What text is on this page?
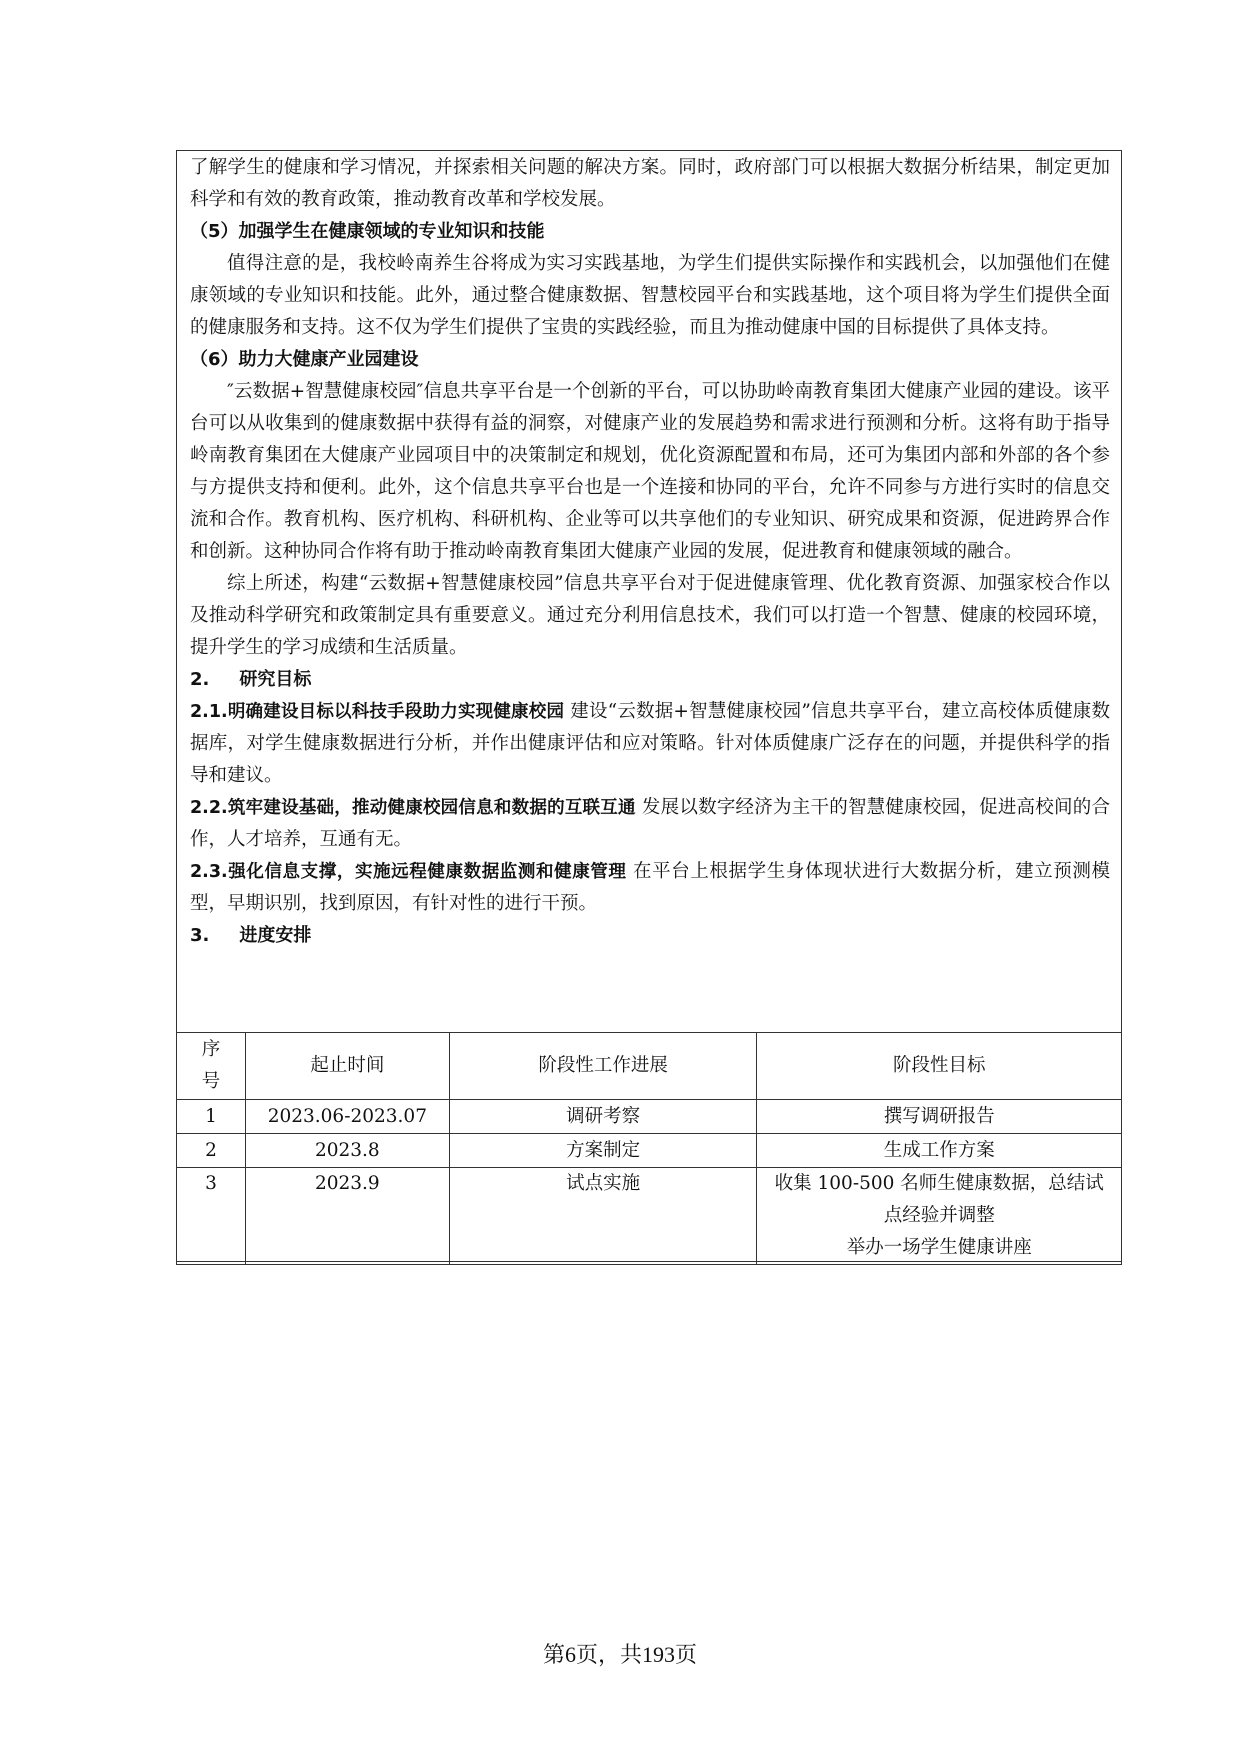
了解学生的健康和学习情况，并探索相关问题的解决方案。同时，政府部门可以根据大数据分析结果，制定更加科学和有效的教育政策，推动教育改革和学校发展。

（5）加强学生在健康领域的专业知识和技能

值得注意的是，我校岭南养生谷将成为实习实践基地，为学生们提供实际操作和实践机会，以加强他们在健康领域的专业知识和技能。此外，通过整合健康数据、智慧校园平台和实践基地，这个项目将为学生们提供全面的健康服务和支持。这不仅为学生们提供了宝贵的实践经验，而且为推动健康中国的目标提供了具体支持。

（6）助力大健康产业园建设

″云数据+智慧健康校园″信息共享平台是一个创新的平台，可以协助岭南教育集团大健康产业园的建设。该平台可以从收集到的健康数据中获得有益的洞察，对健康产业的发展趋势和需求进行预测和分析。这将有助于指导岭南教育集团在大健康产业园项目中的决策制定和规划，优化资源配置和布局，还可为集团内部和外部的各个参与方提供支持和便利。此外，这个信息共享平台也是一个连接和协同的平台，允许不同参与方进行实时的信息交流和合作。教育机构、医疗机构、科研机构、企业等可以共享他们的专业知识、研究成果和资源，促进跨界合作和创新。这种协同合作将有助于推动岭南教育集团大健康产业园的发展，促进教育和健康领域的融合。

综上所述，构建“云数据+智慧健康校园”信息共享平台对于促进健康管理、优化教育资源、加强家校合作以及推动科学研究和政策制定具有重要意义。通过充分利用信息技术，我们可以打造一个智慧、健康的校园环境，提升学生的学习成绩和生活质量。

2. 研究目标

2.1.明确建设目标以科技手段助力实现健康校园 建设“云数据+智慧健康校园”信息共享平台，建立高校体质健康数据库，对学生健康数据进行分析，并作出健康评估和应对策略。针对体质健康广泛存在的问题，并提供科学的指导和建议。

2.2.筑牢建设基础，推动健康校园信息和数据的互联互通 发展以数字经济为主干的智慧健康校园，促进高校间的合作，人才培养，互通有无。

2.3.强化信息支撑，实施远程健康数据监测和健康管理 在平台上根据学生身体现状进行大数据分析，建立预测模型，早期识别，找到原因，有针对性的进行干预。

3. 进度安排

序
号	起止时间	阶段性工作进展	阶段性目标
1	2023.06-2023.07	调研考察	撰写调研报告
2	2023.8	方案制定	生成工作方案
3	2023.9	试点实施	收集 100-500 名师生健康数据，总结试
点经验并调整
举办一场学生健康讲座
第6页，共193页
